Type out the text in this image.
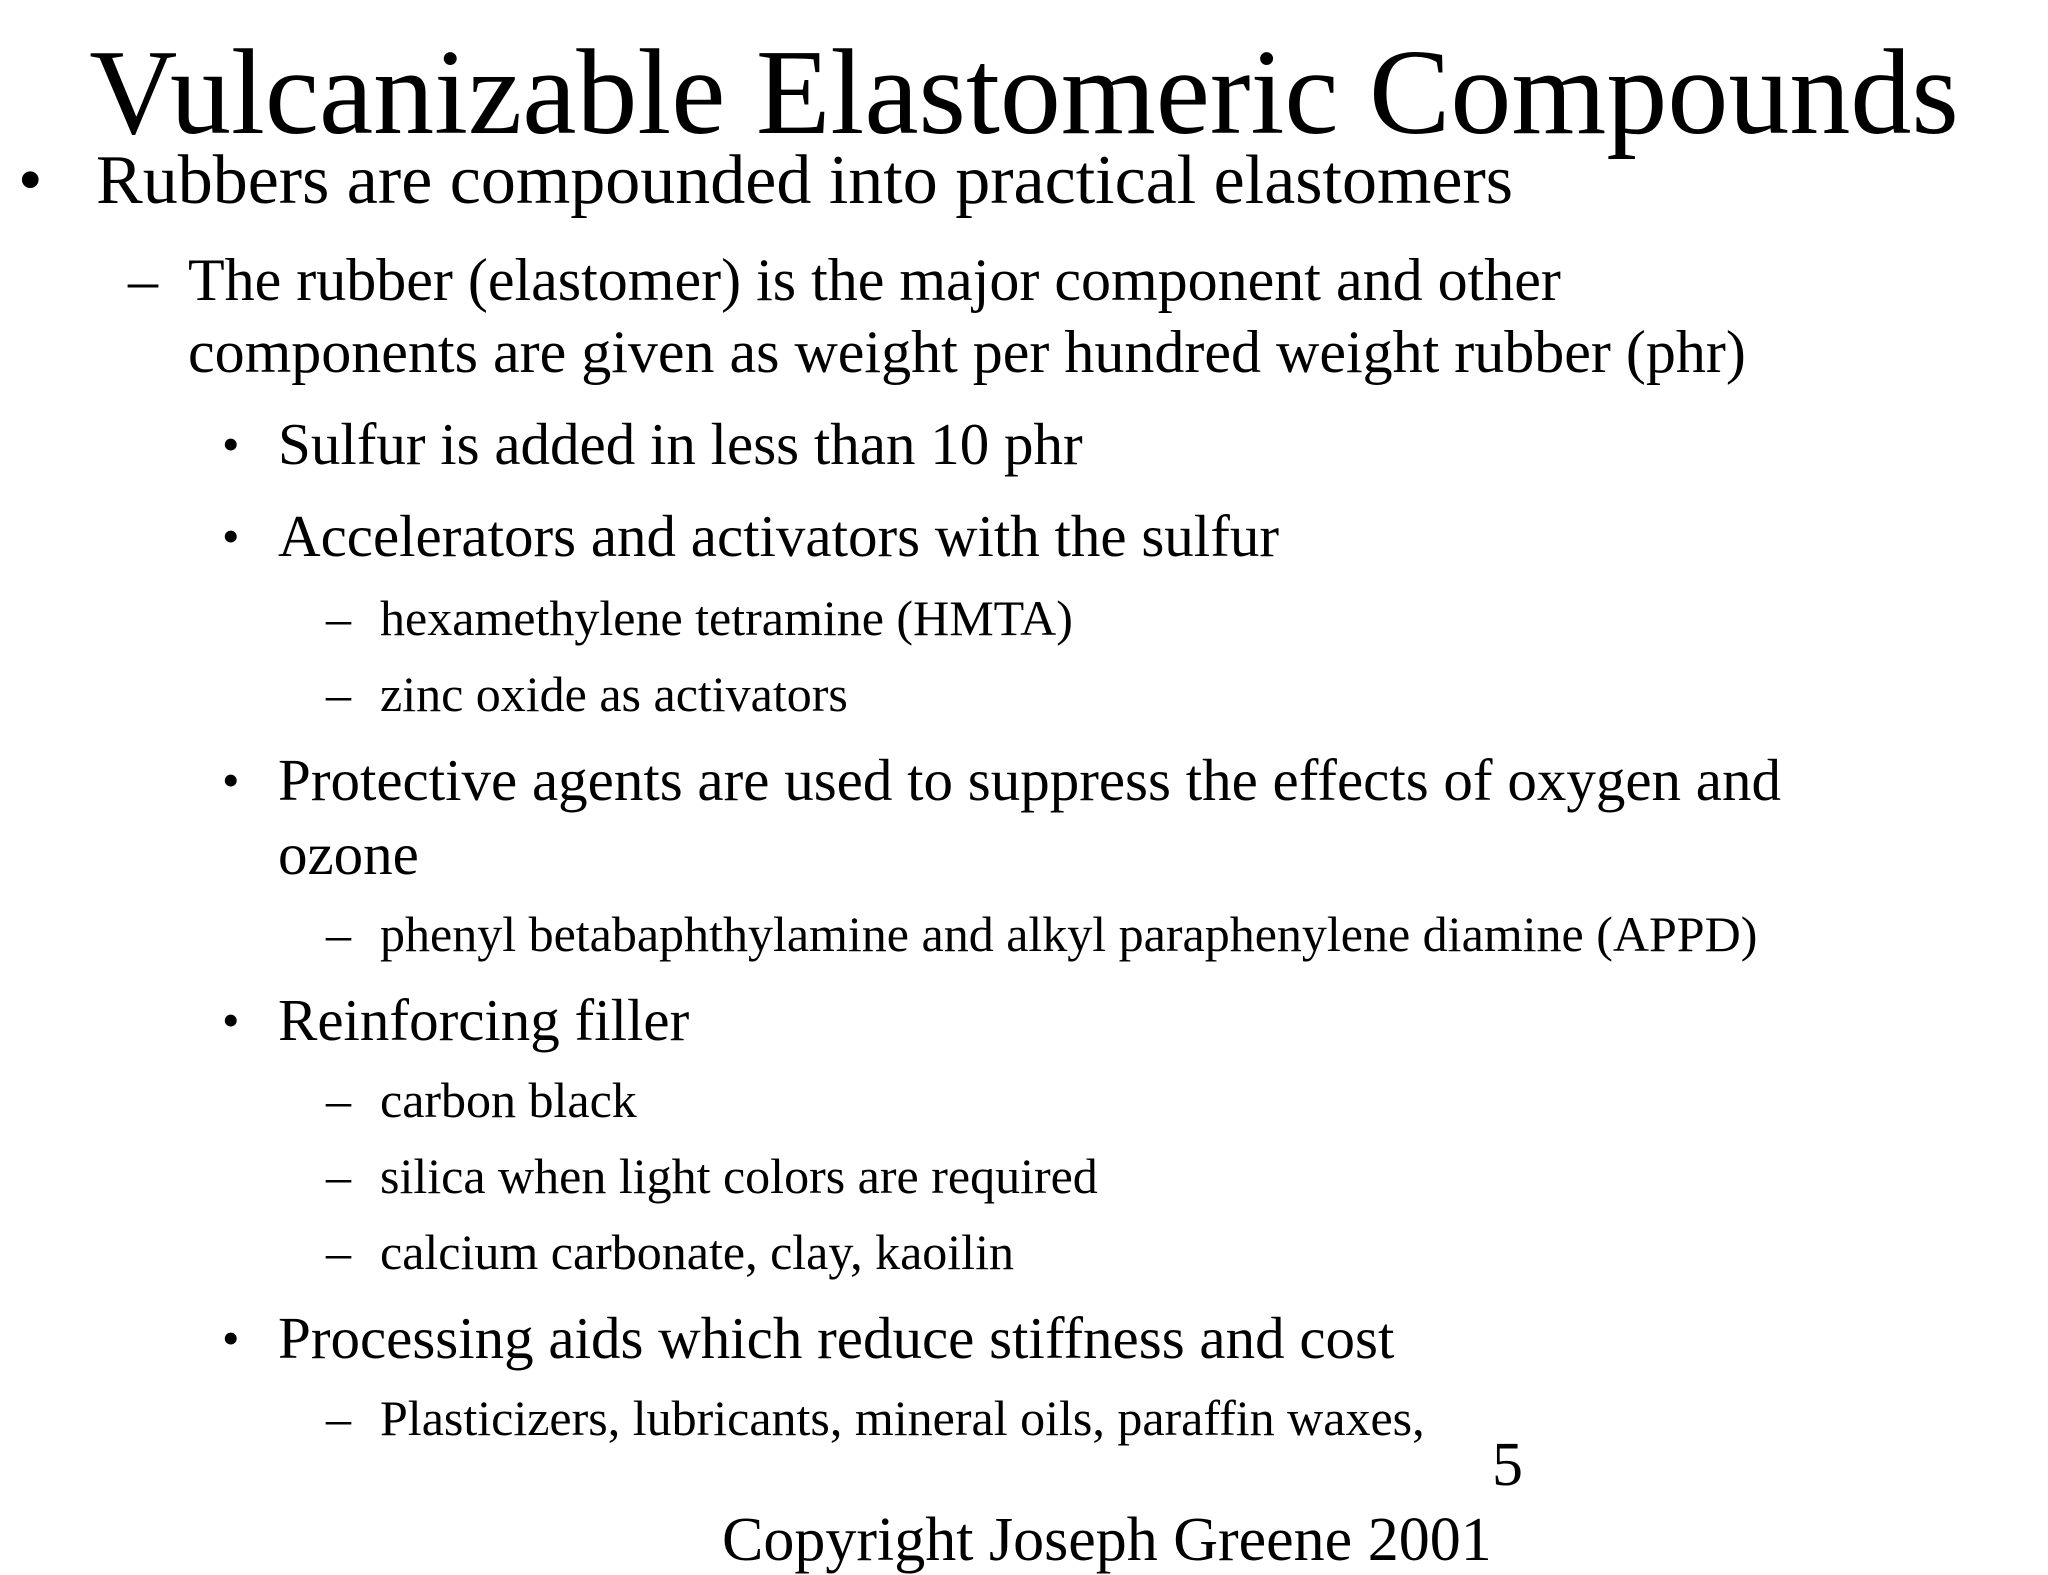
Vulcanizable Elastomeric Compounds
• Rubbers are compounded into practical elastomers
– The rubber (elastomer) is the major component and other
components are given as weight per hundred weight rubber (phr)
• Sulfur is added in less than 10 phr
• Accelerators and activators with the sulfur
– hexamethylene tetramine (HMTA)
– zinc oxide as activators
• Protective agents are used to suppress the effects of oxygen and
ozone
– phenyl betabaphthylamine and alkyl paraphenylene diamine (APPD)
• Reinforcing filler
– carbon black
– silica when light colors are required
– calcium carbonate, clay, kaoilin
• Processing aids which reduce stiffness and cost
– Plasticizers, lubricants, mineral oils, paraffin waxes,
5
Copyright Joseph Greene 2001
